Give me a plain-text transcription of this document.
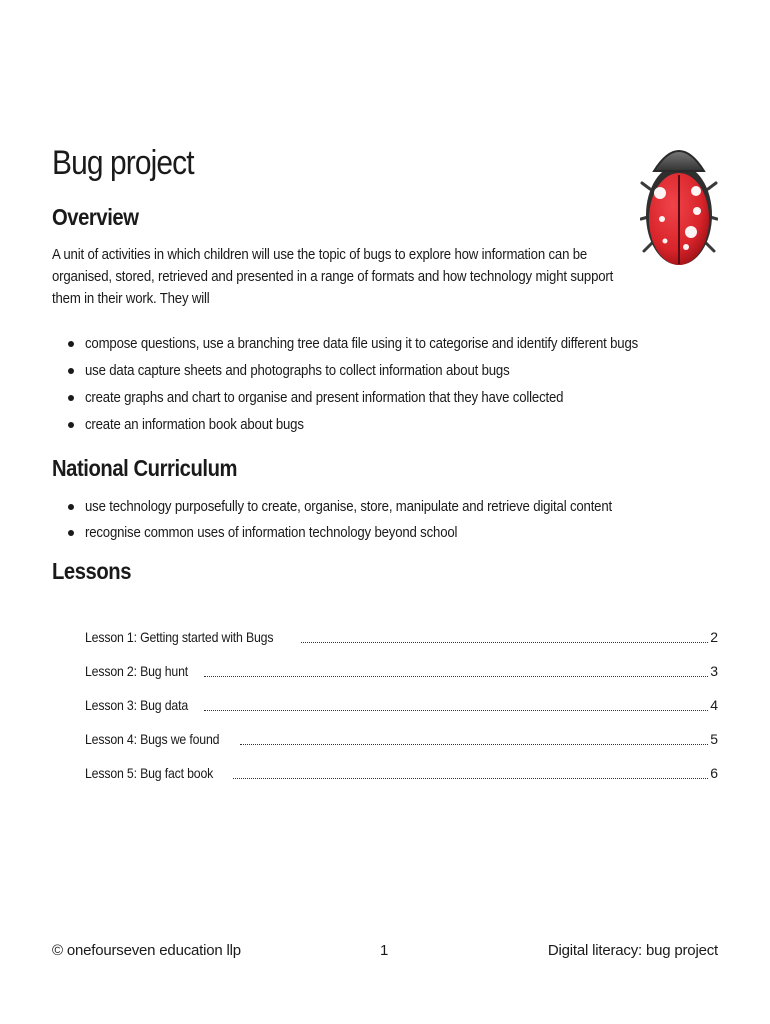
Bug project
Overview
A unit of activities in which children will use the topic of bugs to explore how information can be organised, stored, retrieved and presented in a range of formats and how technology might support them in their work. They will
compose questions, use a branching tree data file using it to categorise and identify different bugs
use data capture sheets and photographs to collect information about bugs
create graphs and chart to organise and present information that they have collected
create an information book about bugs
National Curriculum
use technology purposefully to create, organise, store, manipulate and retrieve digital content
recognise common uses of information technology beyond school
Lessons
Lesson 1: Getting started with Bugs	2
Lesson 2: Bug hunt	3
Lesson 3: Bug data	4
Lesson 4: Bugs we found	5
Lesson 5: Bug fact book	6
© onefourseven education llp	1	Digital literacy: bug project
